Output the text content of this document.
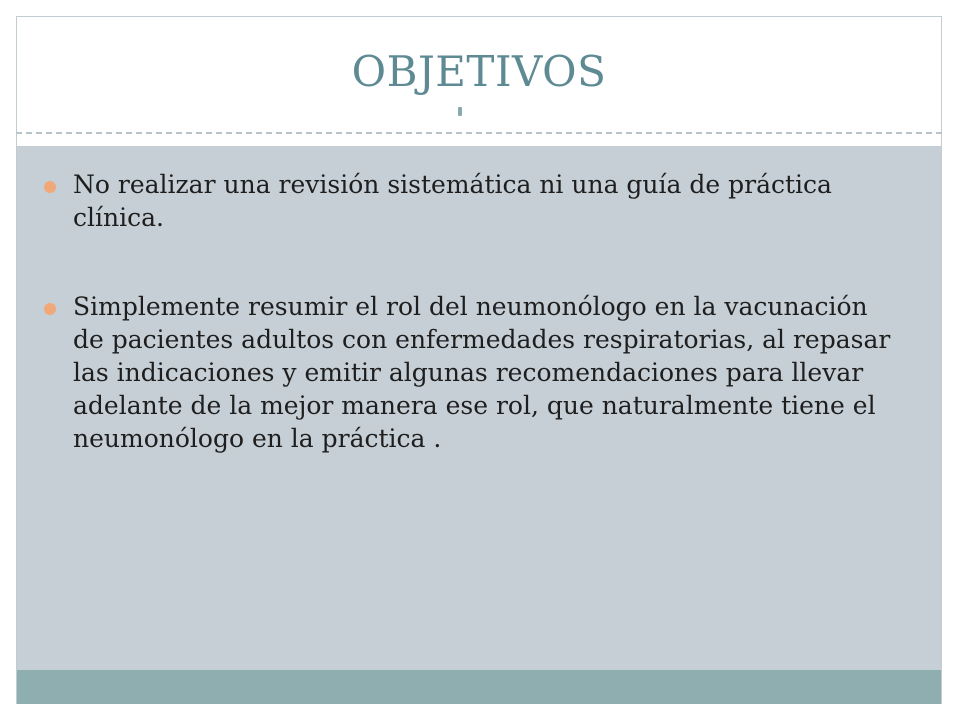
OBJETIVOS
No realizar una revisión sistemática ni una guía de práctica clínica.
Simplemente resumir el rol del neumonólogo en la vacunación de pacientes adultos con enfermedades respiratorias, al repasar las indicaciones y emitir algunas recomendaciones para llevar adelante de la mejor manera ese rol, que naturalmente tiene el neumonólogo en la práctica .
